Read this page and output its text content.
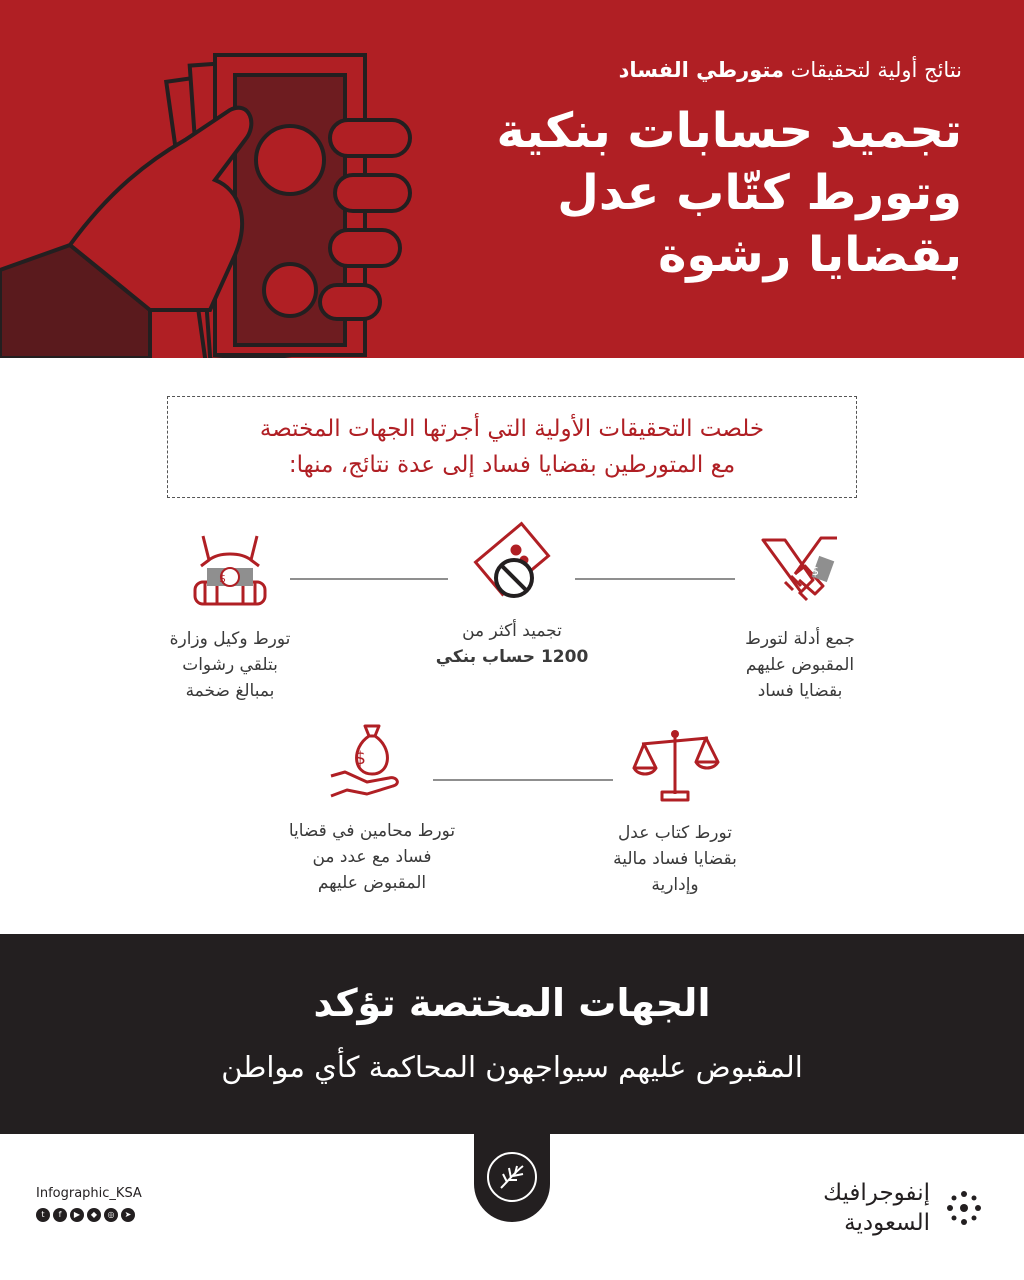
نتائج أولية لتحقيقات متورطي الفساد
تجميد حسابات بنكية
وتورط كتّاب عدل
بقضايا رشوة
خلصت التحقيقات الأولية التي أجرتها الجهات المختصة
مع المتورطين بقضايا فساد إلى عدة نتائج، منها:
$
جمع أدلة لتورط
المقبوض عليهم
بقضايا فساد
تجميد أكثر من
1200 حساب بنكي
$
تورط وكيل وزارة
بتلقي رشوات
بمبالغ ضخمة
تورط كتاب عدل
بقضايا فساد مالية
وإدارية
$
تورط محامين في قضايا
فساد مع عدد من
المقبوض عليهم
الجهات المختصة تؤكد
المقبوض عليهم سيواجهون المحاكمة كأي مواطن
Infographic_KSA
t	f	▶	◆	◎	➤
إنفوجرافيك
السعودية
